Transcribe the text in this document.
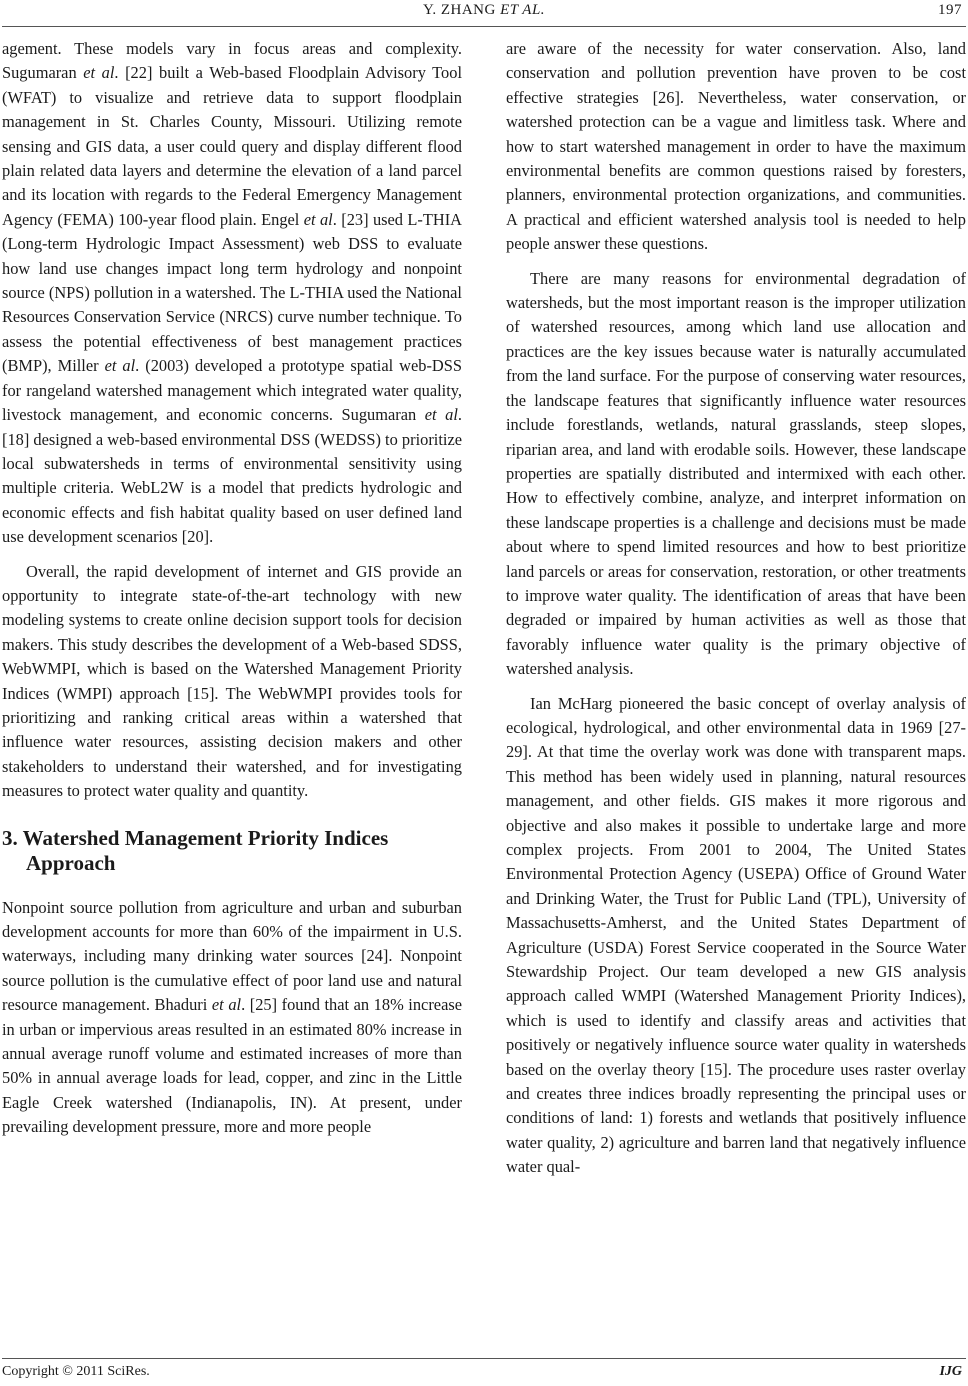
Y. ZHANG ET AL.	197

agement. These models vary in focus areas and complexity. Sugumaran et al. [22] built a Web-based Floodplain Advisory Tool (WFAT) to visualize and retrieve data to support floodplain management in St. Charles County, Missouri. Utilizing remote sensing and GIS data, a user could query and display different flood plain related data layers and determine the elevation of a land parcel and its location with regards to the Federal Emergency Management Agency (FEMA) 100-year flood plain. Engel et al. [23] used L-THIA (Long-term Hydrologic Impact Assessment) web DSS to evaluate how land use changes impact long term hydrology and nonpoint source (NPS) pollution in a watershed. The L-THIA used the National Resources Conservation Service (NRCS) curve number technique. To assess the potential effectiveness of best management practices (BMP), Miller et al. (2003) developed a prototype spatial web-DSS for rangeland watershed management which integrated water quality, livestock management, and economic concerns. Sugumaran et al. [18] designed a web-based environmental DSS (WEDSS) to prioritize local subwatersheds in terms of environmental sensitivity using multiple criteria. WebL2W is a model that predicts hydrologic and economic effects and fish habitat quality based on user defined land use development scenarios [20].

Overall, the rapid development of internet and GIS provide an opportunity to integrate state-of-the-art technology with new modeling systems to create online decision support tools for decision makers. This study describes the development of a Web-based SDSS, WebWMPI, which is based on the Watershed Management Priority Indices (WMPI) approach [15]. The WebWMPI provides tools for prioritizing and ranking critical areas within a watershed that influence water resources, assisting decision makers and other stakeholders to understand their watershed, and for investigating measures to protect water quality and quantity.

3. Watershed Management Priority Indices Approach

Nonpoint source pollution from agriculture and urban and suburban development accounts for more than 60% of the impairment in U.S. waterways, including many drinking water sources [24]. Nonpoint source pollution is the cumulative effect of poor land use and natural resource management. Bhaduri et al. [25] found that an 18% increase in urban or impervious areas resulted in an estimated 80% increase in annual average runoff volume and estimated increases of more than 50% in annual average loads for lead, copper, and zinc in the Little Eagle Creek watershed (Indianapolis, IN). At present, under prevailing development pressure, more and more people

are aware of the necessity for water conservation. Also, land conservation and pollution prevention have proven to be cost effective strategies [26]. Nevertheless, water conservation, or watershed protection can be a vague and limitless task. Where and how to start watershed management in order to have the maximum environmental benefits are common questions raised by foresters, planners, environmental protection organizations, and communities. A practical and efficient watershed analysis tool is needed to help people answer these questions.

There are many reasons for environmental degradation of watersheds, but the most important reason is the improper utilization of watershed resources, among which land use allocation and practices are the key issues because water is naturally accumulated from the land surface. For the purpose of conserving water resources, the landscape features that significantly influence water resources include forestlands, wetlands, natural grasslands, steep slopes, riparian area, and land with erodable soils. However, these landscape properties are spatially distributed and intermixed with each other. How to effectively combine, analyze, and interpret information on these landscape properties is a challenge and decisions must be made about where to spend limited resources and how to best prioritize land parcels or areas for conservation, restoration, or other treatments to improve water quality. The identification of areas that have been degraded or impaired by human activities as well as those that favorably influence water quality is the primary objective of watershed analysis.

Ian McHarg pioneered the basic concept of overlay analysis of ecological, hydrological, and other environmental data in 1969 [27-29]. At that time the overlay work was done with transparent maps. This method has been widely used in planning, natural resources management, and other fields. GIS makes it more rigorous and objective and also makes it possible to undertake large and more complex projects. From 2001 to 2004, The United States Environmental Protection Agency (USEPA) Office of Ground Water and Drinking Water, the Trust for Public Land (TPL), University of Massachusetts-Amherst, and the United States Department of Agriculture (USDA) Forest Service cooperated in the Source Water Stewardship Project. Our team developed a new GIS analysis approach called WMPI (Watershed Management Priority Indices), which is used to identify and classify areas and activities that positively or negatively influence source water quality in watersheds based on the overlay theory [15]. The procedure uses raster overlay and creates three indices broadly representing the principal uses or conditions of land: 1) forests and wetlands that positively influence water quality, 2) agriculture and barren land that negatively influence water qual-

Copyright © 2011 SciRes.	IJG
